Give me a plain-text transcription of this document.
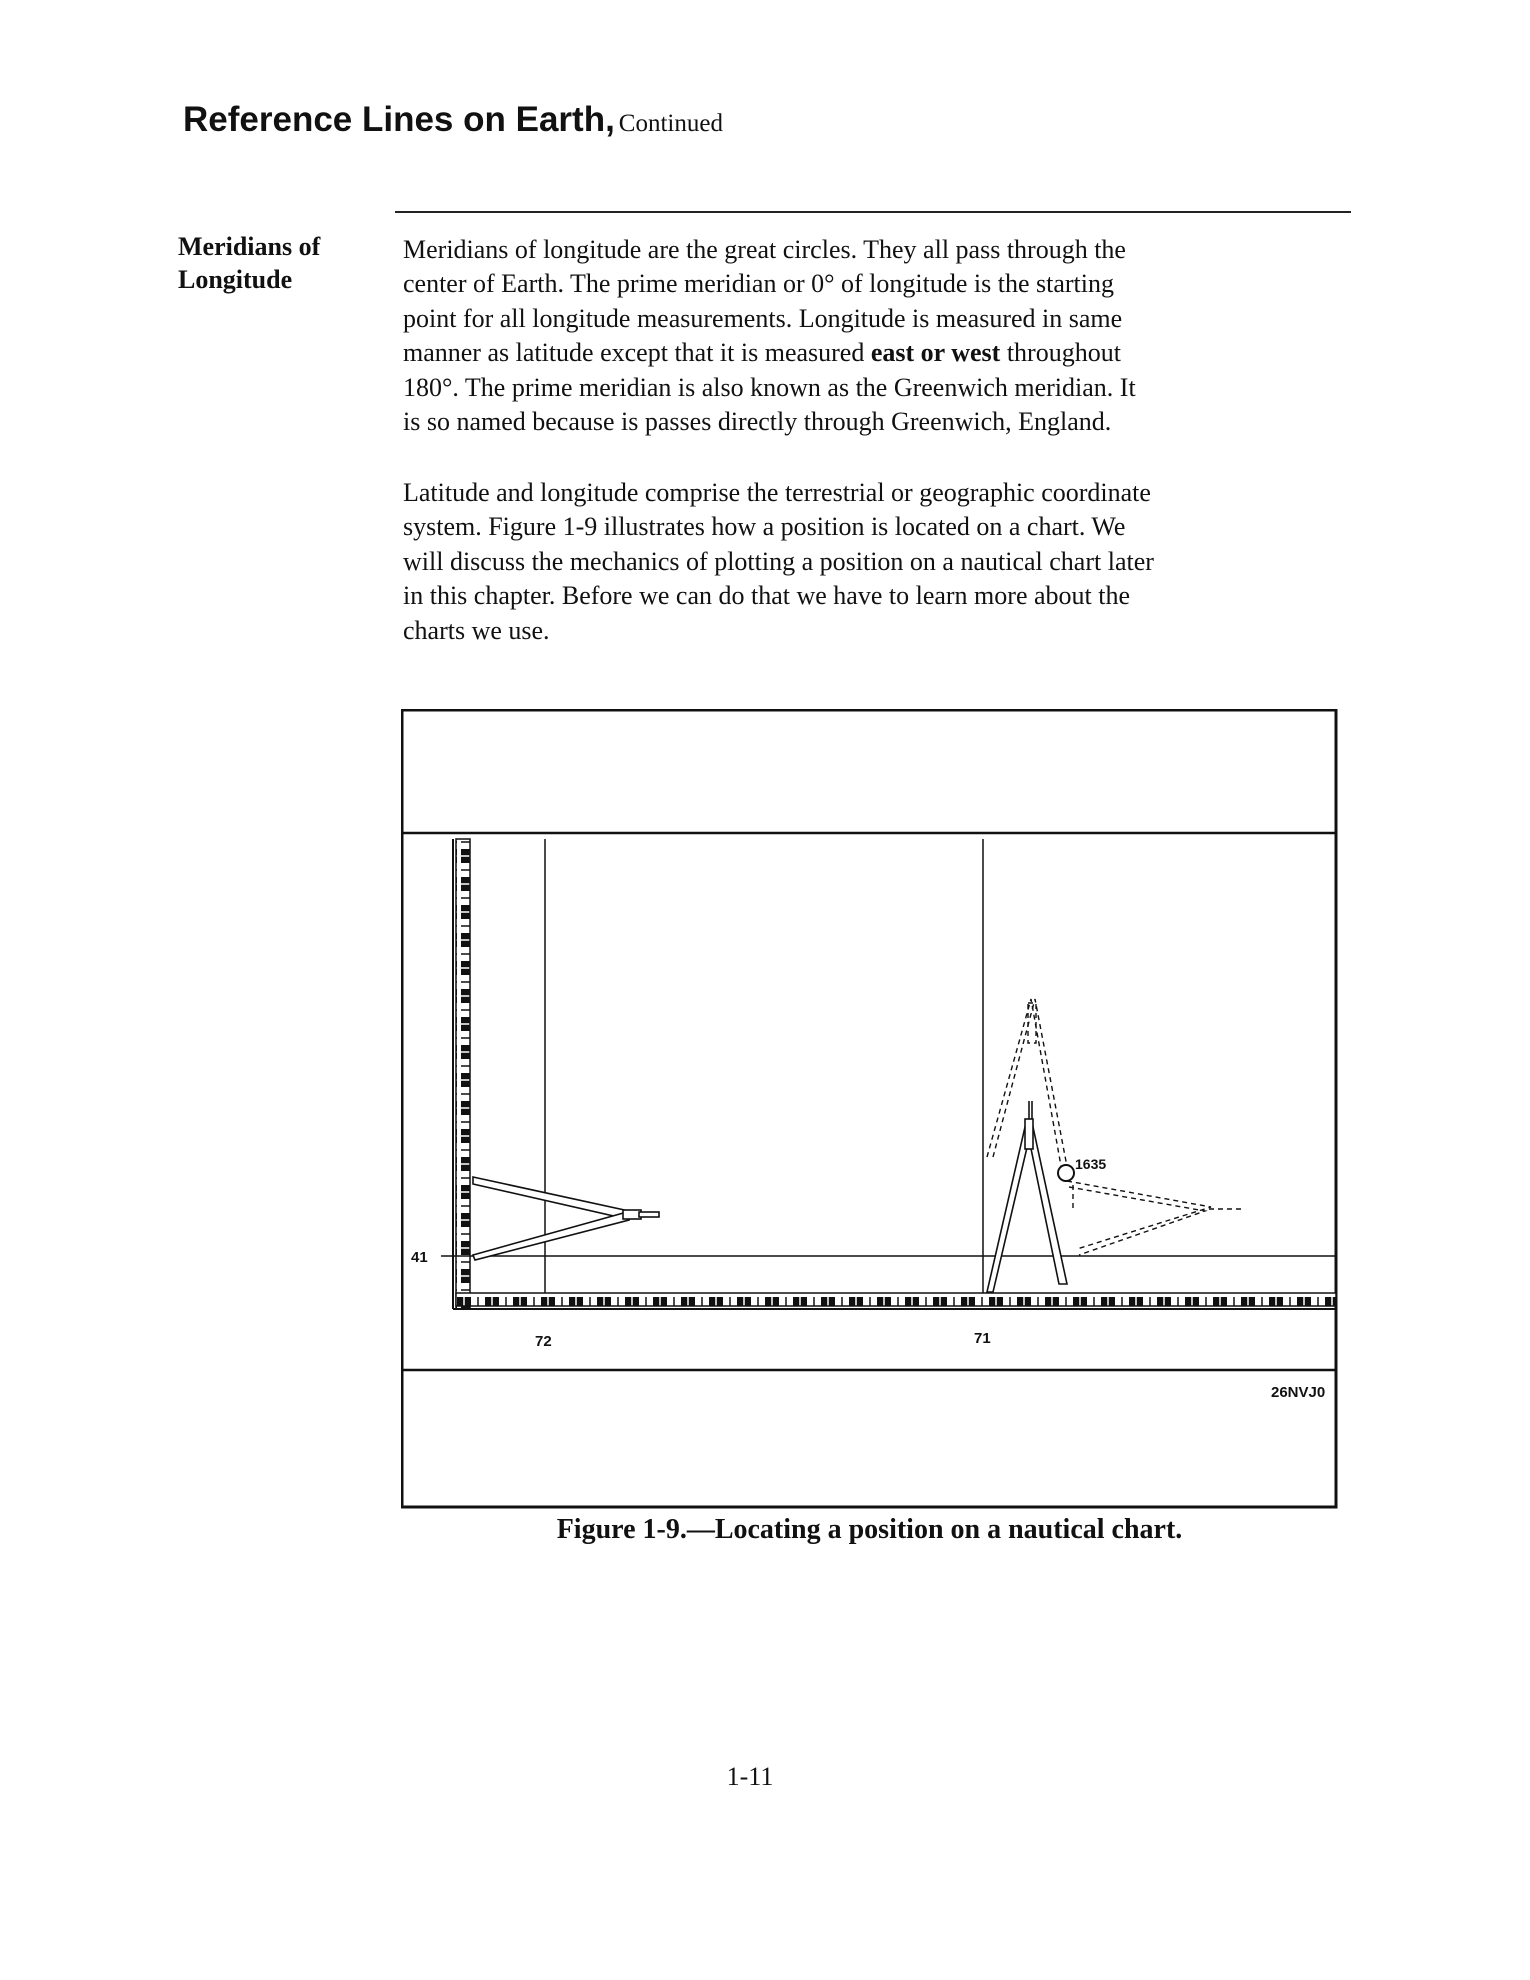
Reference Lines on Earth, Continued
Meridians of
Longitude
Meridians of longitude are the great circles. They all pass through the
center of Earth. The prime meridian or 0° of longitude is the starting
point for all longitude measurements. Longitude is measured in same
manner as latitude except that it is measured east or west throughout
180°. The prime meridian is also known as the Greenwich meridian. It
is so named because is passes directly through Greenwich, England.
Latitude and longitude comprise the terrestrial or geographic coordinate
system. Figure 1-9 illustrates how a position is located on a chart. We
will discuss the mechanics of plotting a position on a nautical chart later
in this chapter. Before we can do that we have to learn more about the
charts we use.
41
72	71
1635
26NVJ0
Figure 1-9.—Locating a position on a nautical chart.
1-11
